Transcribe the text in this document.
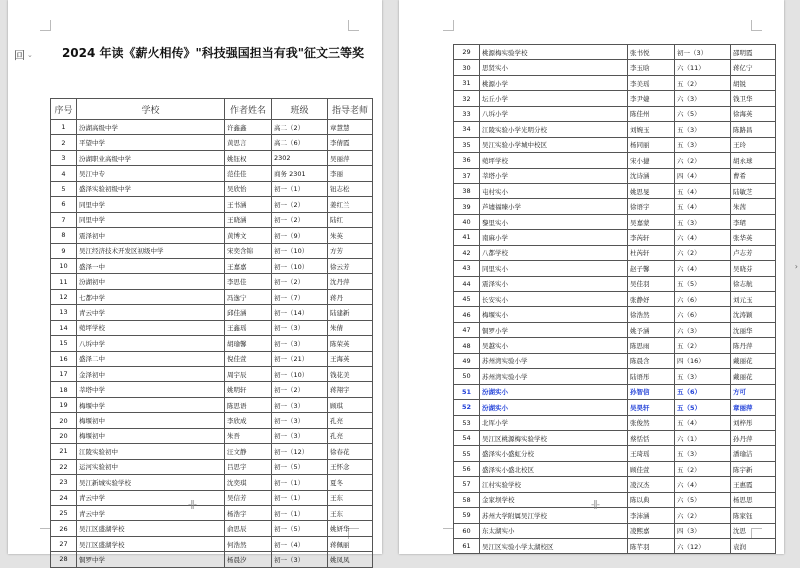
回 ⌄	2024 年读《薪火相传》"科技强国担当有我"征文三等奖
序号	学校	作者姓名	班级	指导老师
1	汾湖高级中学	许鑫鑫	高二（2）	章慧慧
2	平望中学	黄思言	高二（6）	李倩霞
3	汾湖职业高级中学	姚钰权	2302	吴丽萍
4	吴江中专	范佳佳	商务 2301	李丽
5	盛泽实验初级中学	吴欣怡	初一（1）	钮志松
6	同里中学	王书涵	初一（2）	姜红兰
7	同里中学	王晓涵	初一（2）	陆红
8	震泽初中	黄博文	初一（9）	朱英
9	吴江经济技术开发区初级中学	宋奕含锦	初一（10）	方芳
10	盛泽一中	王嘉嘉	初一（10）	徐云芳
11	汾湖初中	李思佳	初一（2）	沈丹萍
12	七都中学	冯逸宁	初一（7）	蒋丹
13	青云中学	邱佳涵	初一（14）	陆建新
14	菀坪学校	王鑫瑶	初一（3）	朱倩
15	八坼中学	胡瑜馨	初一（3）	陈荣英
16	盛泽二中	倪佳萱	初一（21）	王海英
17	金泽初中	周宇辰	初一（10）	钱花美
18	莘塔中学	姚明轩	初一（2）	蒋翔宇
19	梅堰中学	陈思语	初一（3）	顾琪
20	梅堰初中	李欣成	初一（3）	孔亮
20	梅堰初中	朱吾	初一（3）	孔亮
21	江陵实验初中	汪文静	初一（12）	徐春花
22	运河实验初中	吕思宇	初一（5）	王怀念
23	吴江新城实验学校	沈奕琪	初一（1）	夏冬
24	青云中学	吴信芳	初一（1）	王东
25	青云中学	杨浩宇	初一（1）	王东
26	吴江区盛湖学校	俞思辰	初一（5）	姚妍华
27	吴江区盛湖学校	何浩然	初一（4）	蒋佩丽
28	铜罗中学	杨晨汐	初一（3）	姚凤凤
-‖-
29	桃源梅实验学校	张书悦	初一（3）	邵明霞
30	思贤实小	李玉晗	六（11）	蒋亿宁
31	桃源小学	李美瑶	五（2）	胡锐
32	坛丘小学	李尹婕	六（3）	钱卫华
33	八坼小学	陈佳州	六（5）	徐海英
34	江陵实验小学光明分校	刘婉玉	五（3）	陈路昌
35	吴江实验小学城中校区	杨同丽	五（3）	王玲
36	菀坪学校	宋小捷	六（2）	胡永球
37	莘塔小学	沈诗涵	四（4）	曹希
38	屯村实小	姚思旻	五（4）	陆敏芝
39	芦墟福臻小学	徐语宇	五（4）	朱茜
40	黎里实小	吴嘉蒙	五（3）	李珺
41	南麻小学	李芮轩	六（4）	张华英
42	八都学校	杜芮轩	六（2）	卢志芳
43	同里实小	赵子馨	六（4）	吴晓芬
44	震泽实小	吴佳羽	五（5）	徐志航
45	长安实小	张静妤	六（6）	刘元玉
46	梅堰实小	徐浩然	六（6）	沈涛颖
47	铜罗小学	姚予涵	六（3）	沈丽华
48	吴越实小	陈思雨	五（2）	陈丹萍
49	苏州湾实验小学	陈晨含	四（16）	戴丽花
50	苏州湾实验小学	陆语彤	五（3）	戴丽花
51	汾湖实小	孙智信	五（6）	方可
52	汾湖实小	吴昊轩	五（5）	章丽萍
53	北厍小学	张俊然	五（4）	刘梓彤
54	吴江区桃源梅实验学校	蔡恬恬	六（1）	孙丹萍
55	盛泽实小盛虹分校	王琦瑶	五（3）	潘瑜洁
56	盛泽实小盛北校区	顾佳萱	五（2）	陈宇新
57	江村实验学校	凌汉杰	六（4）	王惠霞
58	金家坝学校	陈以典	六（5）	杨思思
59	苏州大学附属吴江学校	李沛涵	六（2）	陈家钰
60	东太湖实小	凌熙嘉	四（3）	沈思
61	吴江区实验小学太湖校区	陈芊羽	六（12）	袁润
-‖-
›
